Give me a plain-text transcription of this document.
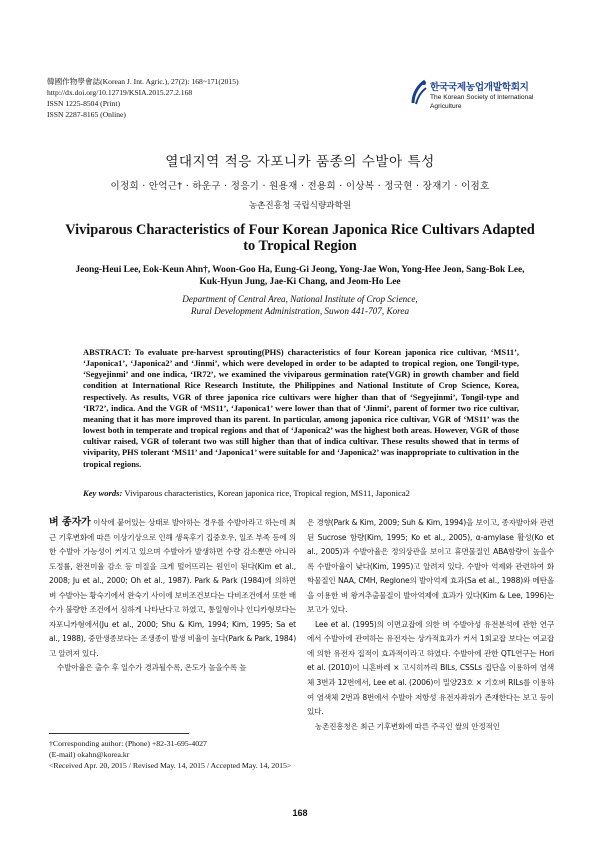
韓國作物學會誌(Korean J. Int. Agric.), 27(2): 168~171(2015)
http://dx.doi.org/10.12719/KSIA.2015.27.2.168
ISSN 1225-8504 (Print)
ISSN 2287-8165 (Online)
한국국제농업개발학회지
The Korean Society of International Agriculture
열대지역 적응 자포니카 품종의 수발아 특성
이정희 · 안억근† · 하운구 · 정응기 · 원용재 · 전용희 · 이상복 · 정국현 · 장재기 · 이점호
농촌진흥청 국립식량과학원
Viviparous Characteristics of Four Korean Japonica Rice Cultivars Adapted to Tropical Region
Jeong-Heui Lee, Eok-Keun Ahn†, Woon-Goo Ha, Eung-Gi Jeong, Yong-Jae Won, Yong-Hee Jeon, Sang-Bok Lee, Kuk-Hyun Jung, Jae-Ki Chang, and Jeom-Ho Lee
Department of Central Area, National Institute of Crop Science,
Rural Development Administration, Suwon 441-707, Korea
ABSTRACT: To evaluate pre-harvest sprouting(PHS) characteristics of four Korean japonica rice cultivar, ‘MS11’, ‘Japonica1’, ‘Japonica2’ and ‘Jinmi’, which were developed in order to be adapted to tropical region, one Tongil-type, ‘Segyejinmi’ and one indica, ‘IR72’, we examined the viviparous germination rate(VGR) in growth chamber and field condition at International Rice Research Institute, the Philippines and National Institute of Crop Science, Korea, respectively. As results, VGR of three japonica rice cultivars were higher than that of ‘Segyejinmi’, Tongil-type and ‘IR72’, indica. And the VGR of ‘MS11’, ‘Japonica1’ were lower than that of ‘Jinmi’, parent of former two rice cultivar, meaning that it has more improved than its parent. In particular, among japonica rice cultivar, VGR of ‘MS11’ was the lowest both in temperate and tropical regions and that of ‘Japonica2’ was the highest both areas. However, VGR of those cultivar raised, VGR of tolerant two was still higher than that of indica cultivar. These results showed that in terms of viviparity, PHS tolerant ‘MS11’ and ‘Japonica1’ were suitable for and ‘Japonica2’ was inappropriate to cultivation in the tropical regions.
Key words: Viviparous characteristics, Korean japonica rice, Tropical region, MS11, Japonica2

벼 종자가 이삭에 붙어있는 상태로 발아하는 경우를 수발아라고 하는데 최근 기후변화에 따른 이상기상으로 인해 생육후기 집중호우, 일조 부족 등에 의한 수발아 가능성이 커지고 있으며 수발아가 발생하면 수량 감소뿐만 아니라 도정률, 완전미율 감소 등 미질을 크게 떨어뜨리는 원인이 된다(Kim et al., 2008; Ju et al., 2000; Oh et al., 1987). Park & Park (1984)에 의하면 벼 수발아는 황숙기에서 완숙기 사이에 보비조건보다는 다비조건에서 또한 배수가 불량한 조건에서 심하게 나타난다고 하였고, 통일형이나 인디카형보다는 자포니카형에서(Ju et al., 2000; Shu & Kim, 1994; Kim, 1995; Sa et al., 1988), 중만생종보다는 조생종이 발생 비율이 높다(Park & Park, 1984)고 알려져 있다.

수발아율은 출수 후 일수가 경과될수록, 온도가 높을수록 높

은 경향(Park & Kim, 2009; Suh & Kim, 1994)을 보이고, 종자발아와 관련된 Sucrose 함량(Kim, 1995; Ko et al., 2005), α-amylase 활성(Ko et al., 2005)과 수발아율은 정의상관을 보이고 휴면물질인 ABA함량이 높을수록 수발아율이 낮다(Kim, 1995)고 알려져 있다. 수발아 억제와 관련하여 화학물질인 NAA, CMH, Reglone의 발아억제 효과(Sa et al., 1988)와 메탄올을 이용한 벼 왕겨추출물질이 발아억제에 효과가 있다(Kim & Lee, 1996)는 보고가 있다.

Lee et al. (1995)의 이면교잡에 의한 벼 수발아성 유전분석에 관한 연구에서 수발아에 관여하는 유전자는 상가적효과가 커서 1회교잡 보다는 여교잡에 의한 유전자 집적이 효과적이라고 하였다. 수발아에 관한 QTL연구는 Hori et al. (2010)이 니혼바레 × 고시히까리 BILs, CSSLs 집단을 이용하여 염색체 3번과 12번에서, Lee et al. (2006)이 밀양23호 × 기호벼 RILs를 이용하여 염색체 2번과 8번에서 수발아 저항성 유전자좌위가 존재한다는 보고 등이 있다.

농촌진흥청은 최근 기후변화에 따른 주곡인 쌀의 안정적인

†Corresponding author: (Phone) +82-31-695-4027
(E-mail) okahn@korea.kr
<Received Apr. 20, 2015 / Revised May. 14, 2015 / Accepted May. 14, 2015>
168
